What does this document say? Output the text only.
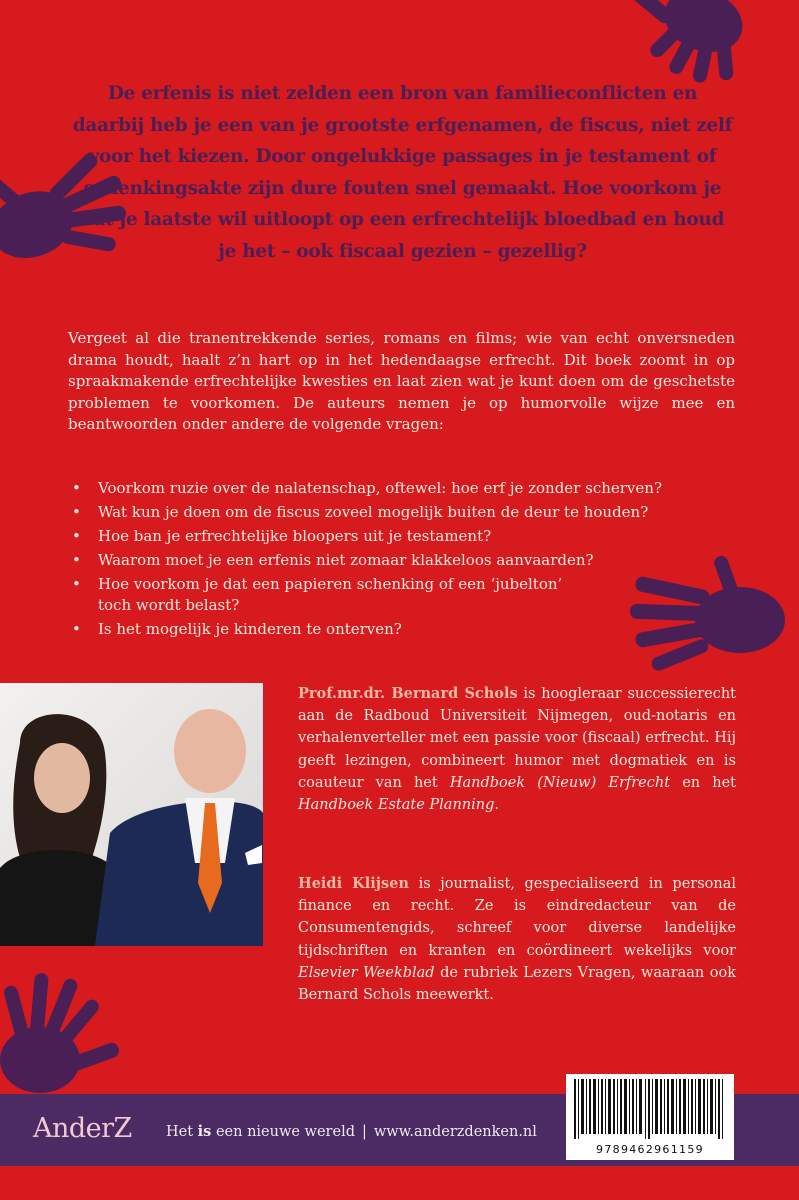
De erfenis is niet zelden een bron van familieconflicten en daarbij heb je een van je grootste erfgenamen, de fiscus, niet zelf voor het kiezen. Door ongelukkige passages in je testament of schenkingsakte zijn dure fouten snel gemaakt. Hoe voorkom je dat je laatste wil uitloopt op een erfrechtelijk bloedbad en houd je het – ook fiscaal gezien – gezellig?

Vergeet al die tranentrekkende series, romans en films; wie van echt onversneden drama houdt, haalt z’n hart op in het hedendaagse erfrecht. Dit boek zoomt in op spraakmakende erfrechtelijke kwesties en laat zien wat je kunt doen om de geschetste problemen te voorkomen. De auteurs nemen je op humorvolle wijze mee en beantwoorden onder andere de volgende vragen:

• Voorkom ruzie over de nalatenschap, oftewel: hoe erf je zonder scherven?
• Wat kun je doen om de fiscus zoveel mogelijk buiten de deur te houden?
• Hoe ban je erfrechtelijke bloopers uit je testament?
• Waarom moet je een erfenis niet zomaar klakkeloos aanvaarden?
• Hoe voorkom je dat een papieren schenking of een ‘jubelton’ toch wordt belast?
• Is het mogelijk je kinderen te onterven?

Prof.mr.dr. Bernard Schols is hoogleraar successierecht aan de Radboud Universiteit Nijmegen, oud-notaris en verhalenverteller met een passie voor (fiscaal) erfrecht. Hij geeft lezingen, combineert humor met dogmatiek en is coauteur van het Handboek (Nieuw) Erfrecht en het Handboek Estate Planning.

Heidi Klijsen is journalist, gespecialiseerd in personal finance en recht. Ze is eindredacteur van de Consumentengids, schreef voor diverse landelijke tijdschriften en kranten en coördineert wekelijks voor Elsevier Weekblad de rubriek Lezers Vragen, waaraan ook Bernard Schols meewerkt.

AnderZ Het is een nieuwe wereld | www.anderzdenken.nl
9789462961159
